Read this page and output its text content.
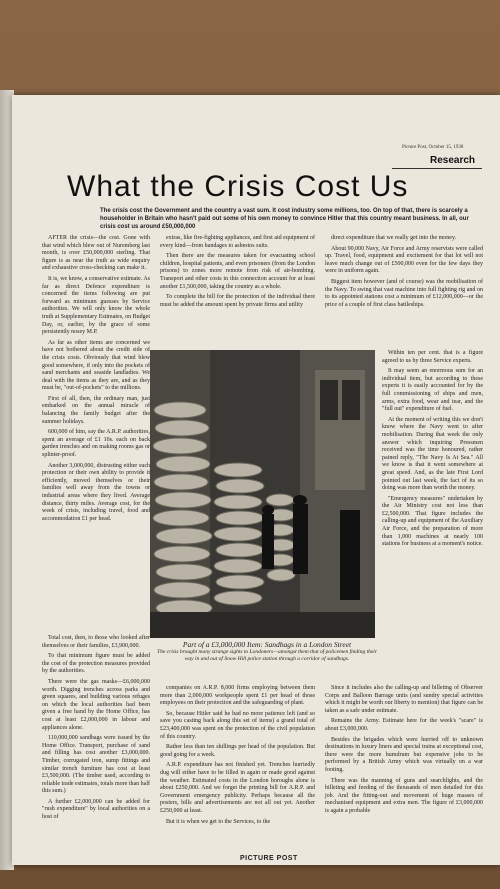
Picture Post, October 15, 1938
Research
What the Crisis Cost Us
The crisis cost the Government and the country a vast sum. It cost industry some millions, too. On top of that, there is scarcely a householder in Britain who hasn't paid out some of his own money to convince Hitler that this country meant business. In all, our crisis cost us around £50,000,000

AFTER the crisis—the cost. Gone with that wind which blew out of Nuremberg last month, is over £50,000,000 sterling. That figure is as near the truth as wide enquiry and exhaustive cross-checking can make it.

It is, we know, a conservative estimate. As far as direct Defence expenditure is concerned the items following are put forward as minimum guesses by Service authorities. We will only know the whole truth at Supplementary Estimates, on Budget Day, or, earlier, by the grace of some persistently nosey M.P.

As far as other items are concerned we have not bothered about the credit side of the crisis costs. Obviously that wind blew good somewhere, if only into the pockets of sand merchants and seaside landladies. We deal with the items as they are, and as they must be, "out-of-pockets" to the millions.

First of all, then, the ordinary man, just embarked on the annual miracle of balancing the family budget after the summer holidays.

600,000 of him, say the A.R.P. authorities, spent an average of £1 10s. each on back garden trenches and on making rooms gas or splinter-proof.

Another 3,000,000, distrusting either such protection or their own ability to provide it efficiently, moved themselves or their families well away from the towns or industrial areas where they lived. Average distance, thirty miles. Average cost, for the week of crisis, including travel, food and accommodation £1 per head.

extras, like fire-fighting appliances, and first aid equipment of every kind—from bandages to asbestos suits.

Then there are the measures taken for evacuating school children, hospital patients, and even prisoners (from the London prisons) to zones more remote from risk of air-bombing. Transport and other costs in this connection account for at least another £1,500,000, taking the country as a whole.

To complete the bill for the protection of the individual there must be added the amount spent by private firms and utility

direct expenditure that we really get into the money.

About 90,000 Navy, Air Force and Army reservists were called up. Travel, food, equipment and excitement for that lot will not leave much change out of £500,000 even for the few days they were in uniform again.

Biggest item however (and of course) was the mobilisation of the Navy. To swing that vast machine into full fighting rig and on to its appointed stations cost a minimum of £12,000,000—or the price of a couple of first class battleships.

Part of a £3,000,000 Item: Sandbags in a London Street
The crisis brought many strange sights to Londoners—amongst them that of policemen finding their way in and out of Snow Hill police station through a corridor of sandbags.

Within ten per cent. that is a figure agreed to us by three Service experts.

It may seem an enormous sum for an individual item, but according to these experts it is easily accounted for by the full commissioning of ships and men, arms, extra food, wear and tear, and the "full out" expenditure of fuel.

At the moment of writing this we don't know where the Navy went to after mobilisation. During that week the only answer which inquiring Pressmen received was the time honoured, rather pained reply, "The Navy Is At Sea." All we know is that it went somewhere at great speed. And, as the late First Lord pointed out last week, the fact of its so doing was more than worth the money.

"Emergency measures" undertaken by the Air Ministry cost not less than £2,500,000. That figure includes the calling-up and equipment of the Auxiliary Air Force, and the preparation of more than 1,000 machines at nearly 100 stations for business at a moment's notice.

Total cost, then, to those who looked after themselves or their families, £3,900,000.

To that minimum figure must be added the cost of the protection measures provided by the authorities.

There were the gas masks—£6,000,000 worth. Digging trenches across parks and green squares, and building various refuges on which the local authorities had been given a free hand by the Home Office, has cost at least £2,000,000 in labour and appliances alone.

110,000,000 sandbags were issued by the Home Office. Transport, purchase of sand and filling has cost another £3,000,000. Timber, corrugated iron, sump fittings and similar trench furniture has cost at least £3,500,000. (The timber used, according to reliable trade estimates, totals more than half this sum.)

A further £2,000,000 can be added for "rush expenditure" by local authorities on a host of

companies on A.R.P. 8,000 firms employing between them more than 2,000,000 workpeople spent £1 per head of those employees on their protection and the safeguarding of plant.

So, because Hitler said he had no more patience left (and so save you casting back along this set of items) a grand total of £23,400,000 was spent on the protection of the civil population of this country.

Rather less than ten shillings per head of the population. But good going for a week.

A.R.P. expenditure has not finished yet. Trenches hurriedly dug will either have to be filled in again or made good against the weather. Estimated costs in the London boroughs alone is about £250,000. And we forget the printing bill for A.R.P. and Government emergency publicity. Perhaps because all the posters, bills and advertisements are not all out yet. Another £250,000 at least.

But it is when we get to the Services, to the

Since it includes also the calling-up and billeting of Observer Corps and Balloon Barrage units (and sundry special activities which it might be worth our liberty to mention) that figure can be taken as a safe under estimate.

Remains the Army. Estimate here for the week's "scare" is about £3,000,000.

Besides the brigades which were hurried off to unknown destinations in luxury liners and special trains at exceptional cost, there were the more humdrum but expensive jobs to be performed by a British Army which was virtually on a war footing.

There was the manning of guns and searchlights, and the billeting and feeding of the thousands of men detailed for this job. And the fitting-out and movement of huge masses of mechanised equipment and extra men. The figure of £3,000,000 is again a probable

PICTURE POST
